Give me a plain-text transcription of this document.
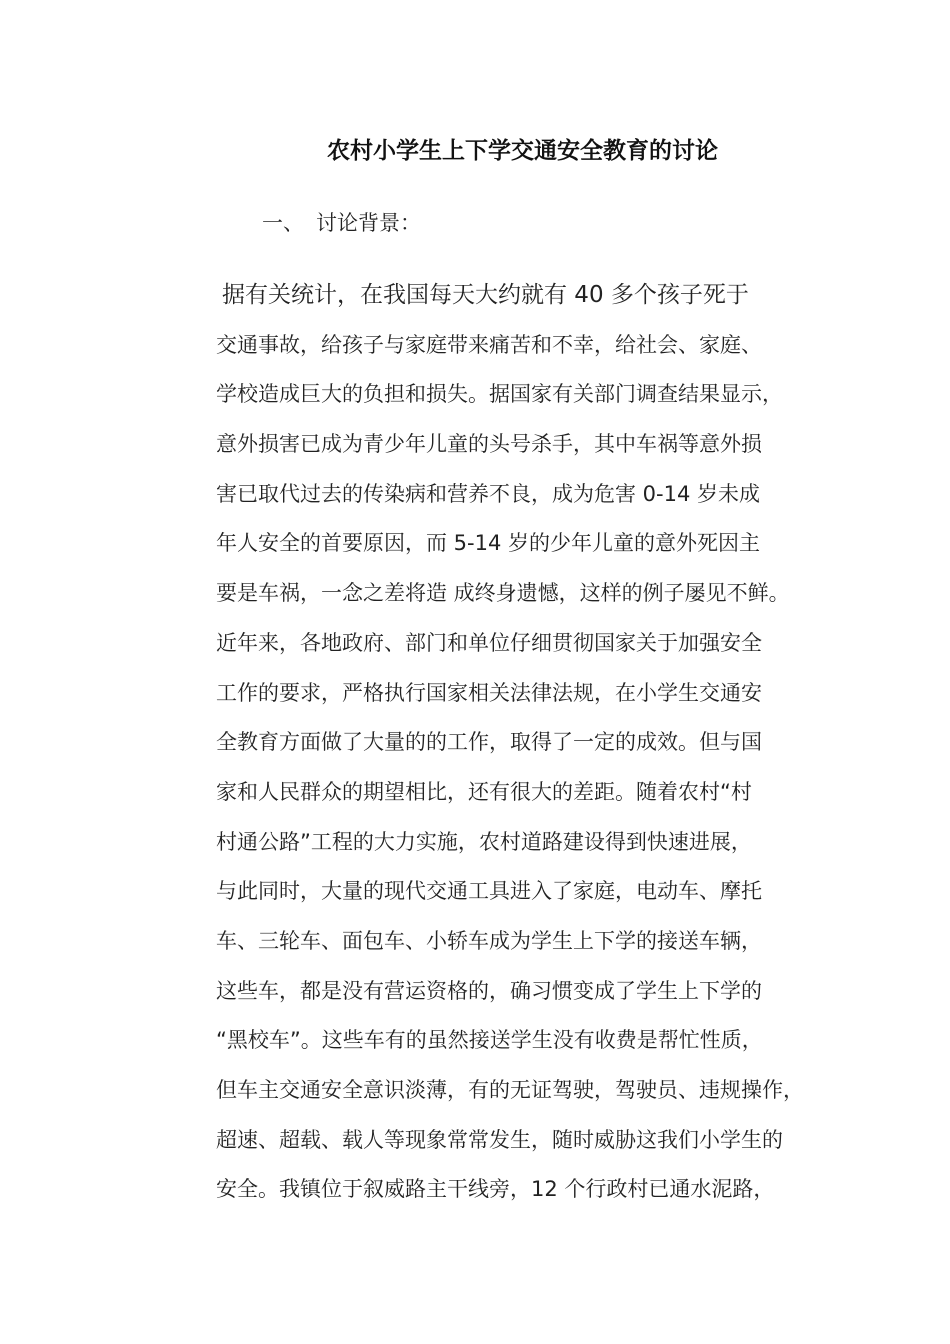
农村小学生上下学交通安全教育的讨论
一、 讨论背景：
据有关统计，在我国每天大约就有 40 多个孩子死于
交通事故，给孩子与家庭带来痛苦和不幸，给社会、家庭、
学校造成巨大的负担和损失。据国家有关部门调查结果显示，
意外损害已成为青少年儿童的头号杀手，其中车祸等意外损
害已取代过去的传染病和营养不良，成为危害 0-14 岁未成
年人安全的首要原因，而 5-14 岁的少年儿童的意外死因主
要是车祸，一念之差将造 成终身遗憾，这样的例子屡见不鲜。
近年来，各地政府、部门和单位仔细贯彻国家关于加强安全
工作的要求，严格执行国家相关法律法规，在小学生交通安
全教育方面做了大量的的工作，取得了一定的成效。但与国
家和人民群众的期望相比，还有很大的差距。随着农村“村
村通公路”工程的大力实施，农村道路建设得到快速进展，
与此同时，大量的现代交通工具进入了家庭，电动车、摩托
车、三轮车、面包车、小轿车成为学生上下学的接送车辆，
这些车，都是没有营运资格的，确习惯变成了学生上下学的
“黑校车”。这些车有的虽然接送学生没有收费是帮忙性质，
但车主交通安全意识淡薄，有的无证驾驶，驾驶员、违规操作，
超速、超载、载人等现象常常发生，随时威胁这我们小学生的
安全。我镇位于叙威路主干线旁，12 个行政村已通水泥路，
